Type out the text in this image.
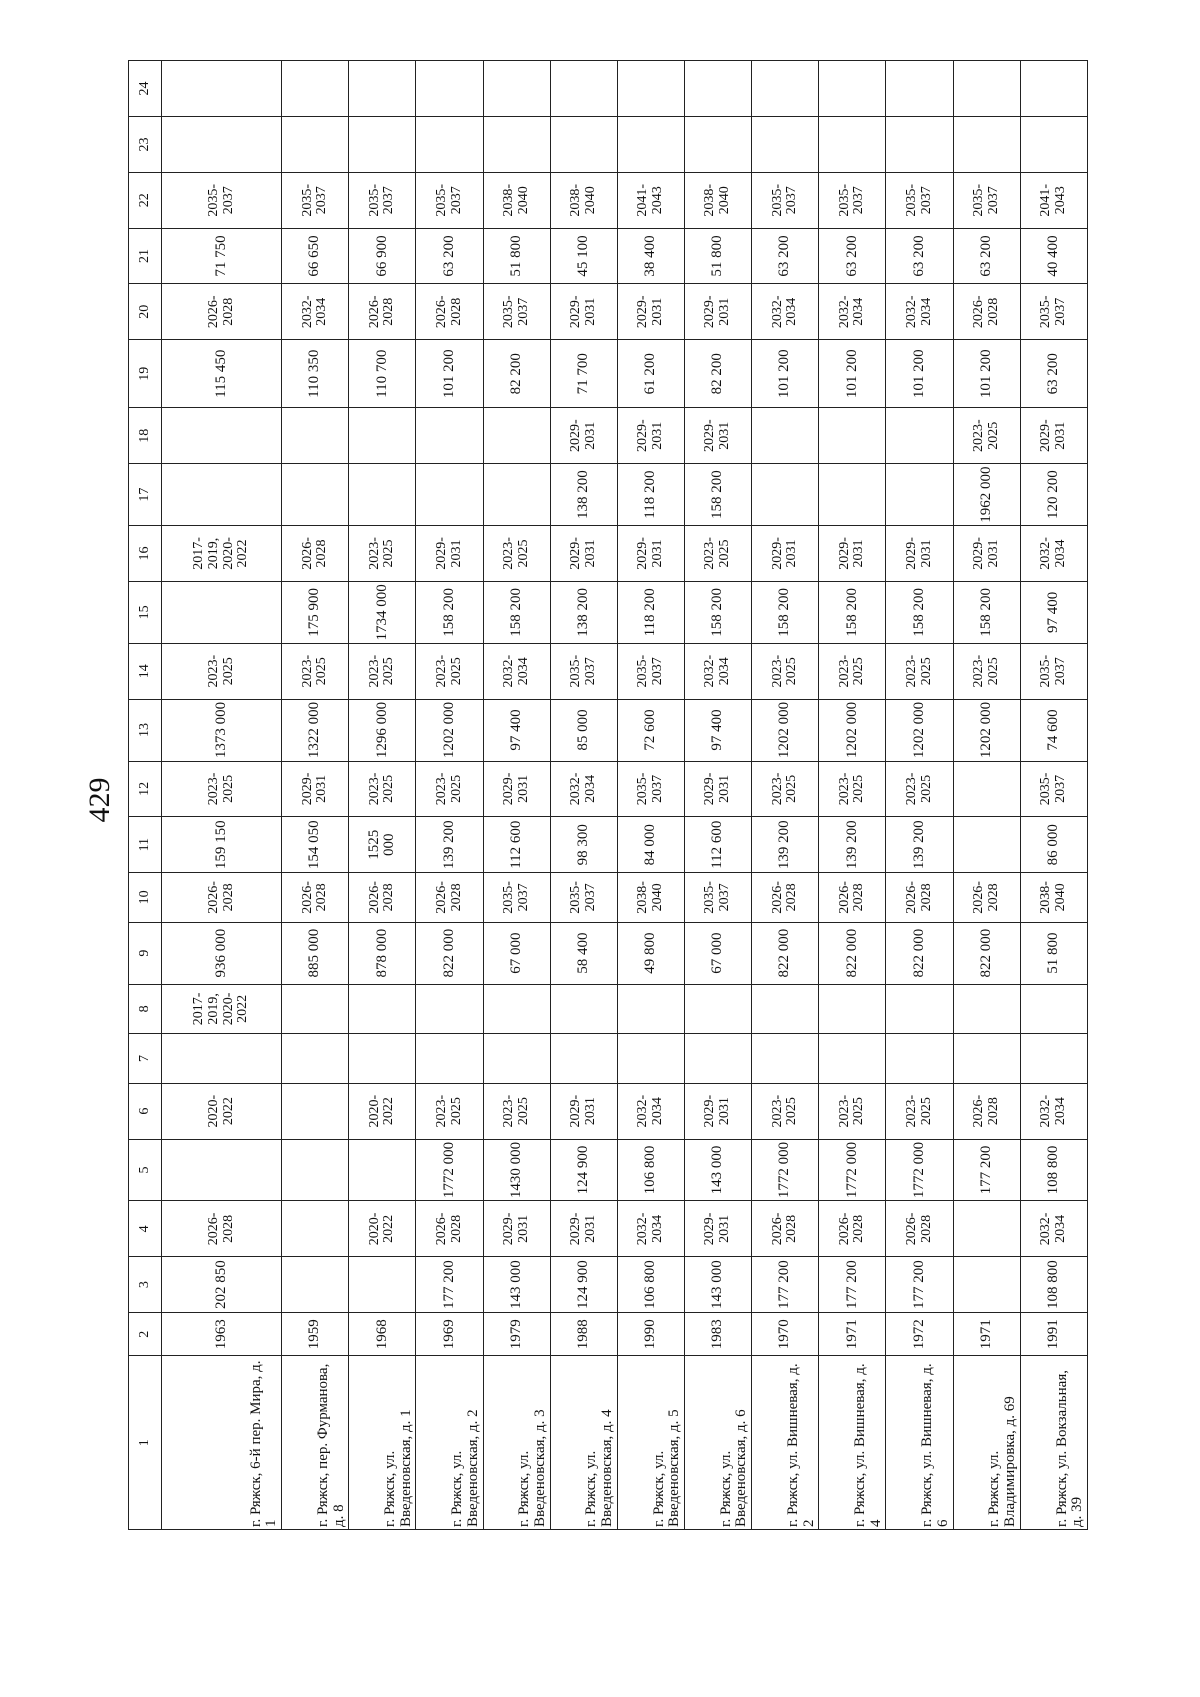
429
1	2	3	4	5	6	7	8	9	10	11	12	13	14	15	16	17	18	19	20	21	22	23	24
г. Ряжск, 6-й пер. Мира, д. 1	1963	202 850	2026-2028		2020-2022		2017-2019, 2020-2022	936 000	2026-2028	159 150	2023-2025	1373 000	2023-2025		2017-2019, 2020-2022			115 450	2026-2028	71 750	2035-2037		
г. Ряжск, пер. Фурманова, д. 8	1959							885 000	2026-2028	154 050	2029-2031	1322 000	2023-2025	175 900	2026-2028			110 350	2032-2034	66 650	2035-2037		
г. Ряжск, ул. Введеновская, д. 1	1968		2020-2022		2020-2022			878 000	2026-2028	1525 000	2023-2025	1296 000	2023-2025	1734 000	2023-2025			110 700	2026-2028	66 900	2035-2037		
г. Ряжск, ул. Введеновская, д. 2	1969	177 200	2026-2028	1772 000	2023-2025			822 000	2026-2028	139 200	2023-2025	1202 000	2023-2025	158 200	2029-2031			101 200	2026-2028	63 200	2035-2037		
г. Ряжск, ул. Введеновская, д. 3	1979	143 000	2029-2031	1430 000	2023-2025			67 000	2035-2037	112 600	2029-2031	97 400	2032-2034	158 200	2023-2025			82 200	2035-2037	51 800	2038-2040		
г. Ряжск, ул. Введеновская, д. 4	1988	124 900	2029-2031	124 900	2029-2031			58 400	2035-2037	98 300	2032-2034	85 000	2035-2037	138 200	2029-2031	138 200	2029-2031	71 700	2029-2031	45 100	2038-2040		
г. Ряжск, ул. Введеновская, д. 5	1990	106 800	2032-2034	106 800	2032-2034			49 800	2038-2040	84 000	2035-2037	72 600	2035-2037	118 200	2029-2031	118 200	2029-2031	61 200	2029-2031	38 400	2041-2043		
г. Ряжск, ул. Введеновская, д. 6	1983	143 000	2029-2031	143 000	2029-2031			67 000	2035-2037	112 600	2029-2031	97 400	2032-2034	158 200	2023-2025	158 200	2029-2031	82 200	2029-2031	51 800	2038-2040		
г. Ряжск, ул. Вишневая, д. 2	1970	177 200	2026-2028	1772 000	2023-2025			822 000	2026-2028	139 200	2023-2025	1202 000	2023-2025	158 200	2029-2031			101 200	2032-2034	63 200	2035-2037		
г. Ряжск, ул. Вишневая, д. 4	1971	177 200	2026-2028	1772 000	2023-2025			822 000	2026-2028	139 200	2023-2025	1202 000	2023-2025	158 200	2029-2031			101 200	2032-2034	63 200	2035-2037		
г. Ряжск, ул. Вишневая, д. 6	1972	177 200	2026-2028	1772 000	2023-2025			822 000	2026-2028	139 200	2023-2025	1202 000	2023-2025	158 200	2029-2031			101 200	2032-2034	63 200	2035-2037		
г. Ряжск, ул. Владимировка, д. 69	1971			177 200	2026-2028			822 000	2026-2028			1202 000	2023-2025	158 200	2029-2031	1962 000	2023-2025	101 200	2026-2028	63 200	2035-2037		
г. Ряжск, ул. Вокзальная, д. 39	1991	108 800	2032-2034	108 800	2032-2034			51 800	2038-2040	86 000	2035-2037	74 600	2035-2037	97 400	2032-2034	120 200	2029-2031	63 200	2035-2037	40 400	2041-2043		
